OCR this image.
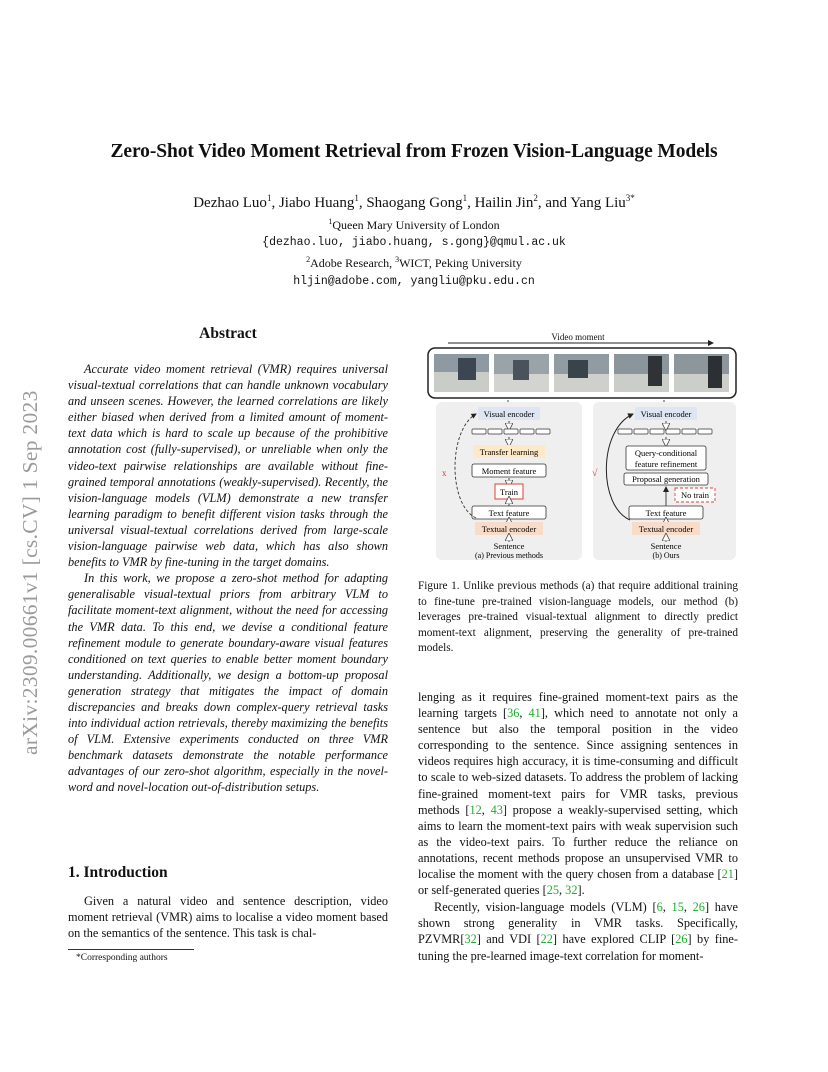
arXiv:2309.00661v1 [cs.CV] 1 Sep 2023
Zero-Shot Video Moment Retrieval from Frozen Vision-Language Models
Dezhao Luo$^1$, Jiabo Huang$^1$, Shaogang Gong$^1$, Hailin Jin$^2$, and Yang Liu$^{3*}$
$^1$Queen Mary University of London
{dezhao.luo, jiabo.huang, s.gong}@qmul.ac.uk
$^2$Adobe Research, $^3$WICT, Peking University
hljin@adobe.com, yangliu@pku.edu.cn
Abstract

Accurate video moment retrieval (VMR) requires universal visual-textual correlations that can handle unknown vocabulary and unseen scenes. However, the learned correlations are likely either biased when derived from a limited amount of moment-text data which is hard to scale up because of the prohibitive annotation cost (fully-supervised), or unreliable when only the video-text pairwise relationships are available without fine-grained temporal annotations (weakly-supervised). Recently, the vision-language models (VLM) demonstrate a new transfer learning paradigm to benefit different vision tasks through the universal visual-textual correlations derived from large-scale vision-language pairwise web data, which has also shown benefits to VMR by fine-tuning in the target domains.

In this work, we propose a zero-shot method for adapting generalisable visual-textual priors from arbitrary VLM to facilitate moment-text alignment, without the need for accessing the VMR data. To this end, we devise a conditional feature refinement module to generate boundary-aware visual features conditioned on text queries to enable better moment boundary understanding. Additionally, we design a bottom-up proposal generation strategy that mitigates the impact of domain discrepancies and breaks down complex-query retrieval tasks into individual action retrievals, thereby maximizing the benefits of VLM. Extensive experiments conducted on three VMR benchmark datasets demonstrate the notable performance advantages of our zero-shot algorithm, especially in the novel-word and novel-location out-of-distribution setups.

1. Introduction

Given a natural video and sentence description, video moment retrieval (VMR) aims to localise a video moment based on the semantics of the sentence. This task is chal-

*Corresponding authors
Video moment
Visual encoder
Transfer learning
Moment feature
Train
Text feature
Textual encoder
Sentence
(a) Previous methods
x
Visual encoder
Query-conditional
feature refinement
Proposal generation
No train
Text feature
Textual encoder
Sentence
(b) Ours
√
Figure 1. Unlike previous methods (a) that require additional training to fine-tune pre-trained vision-language models, our method (b) leverages pre-trained visual-textual alignment to directly predict moment-text alignment, preserving the generality of pre-trained models.
lenging as it requires fine-grained moment-text pairs as the learning targets [36, 41], which need to annotate not only a sentence but also the temporal position in the video corresponding to the sentence. Since assigning sentences in videos requires high accuracy, it is time-consuming and difficult to scale to web-sized datasets. To address the problem of lacking fine-grained moment-text pairs for VMR tasks, previous methods [12, 43] propose a weakly-supervised setting, which aims to learn the moment-text pairs with weak supervision such as the video-text pairs. To further reduce the reliance on annotations, recent methods propose an unsupervised VMR to localise the moment with the query chosen from a database [21] or self-generated queries [25, 32].
Recently, vision-language models (VLM) [6, 15, 26] have shown strong generality in VMR tasks. Specifically, PZVMR[32] and VDI [22] have explored CLIP [26] by fine-tuning the pre-learned image-text correlation for moment-
